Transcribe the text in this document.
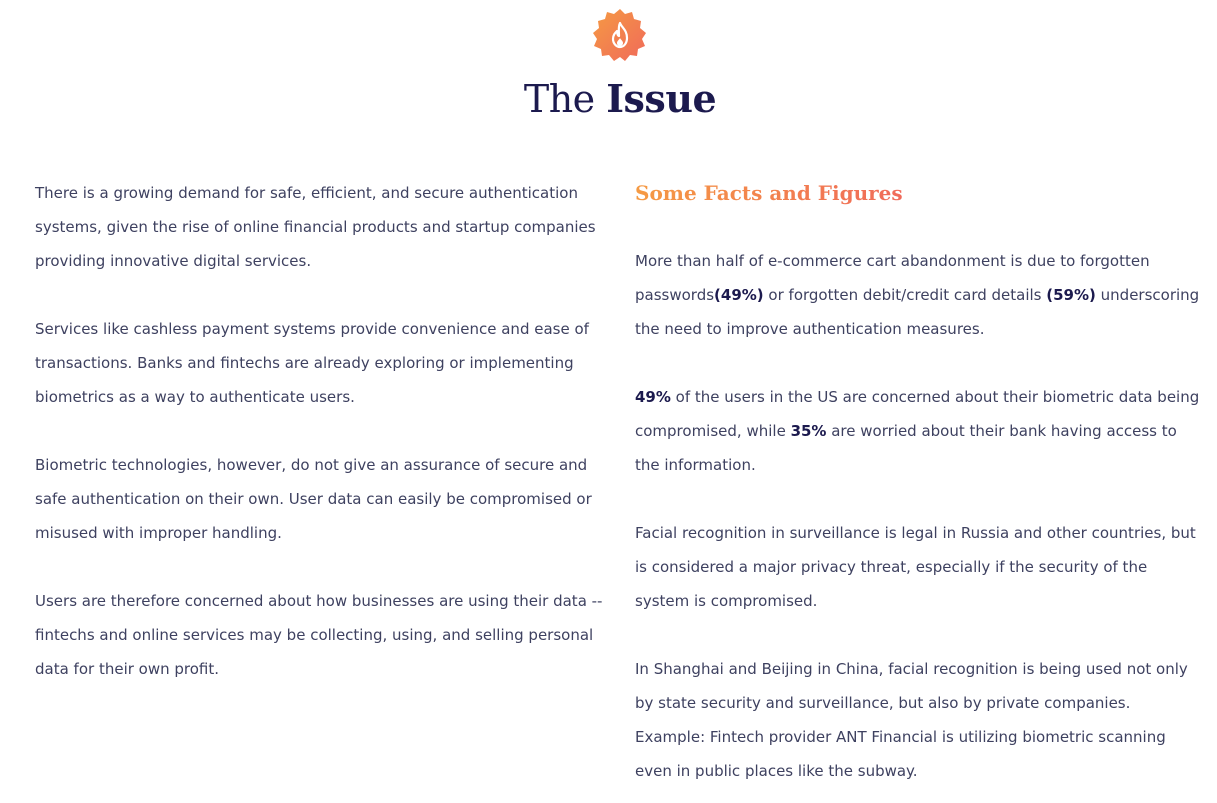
The Issue

There is a growing demand for safe, efficient, and secure authentication systems, given the rise of online financial products and startup companies providing innovative digital services.

Services like cashless payment systems provide convenience and ease of transactions. Banks and fintechs are already exploring or implementing biometrics as a way to authenticate users.

Biometric technologies, however, do not give an assurance of secure and safe authentication on their own. User data can easily be compromised or misused with improper handling.

Users are therefore concerned about how businesses are using their data -- fintechs and online services may be collecting, using, and selling personal data for their own profit.

Some Facts and Figures

More than half of e-commerce cart abandonment is due to forgotten passwords(49%) or forgotten debit/credit card details (59%) underscoring the need to improve authentication measures.

49% of the users in the US are concerned about their biometric data being compromised, while 35% are worried about their bank having access to the information.

Facial recognition in surveillance is legal in Russia and other countries, but is considered a major privacy threat, especially if the security of the system is compromised.

In Shanghai and Beijing in China, facial recognition is being used not only by state security and surveillance, but also by private companies. Example: Fintech provider ANT Financial is utilizing biometric scanning even in public places like the subway.
